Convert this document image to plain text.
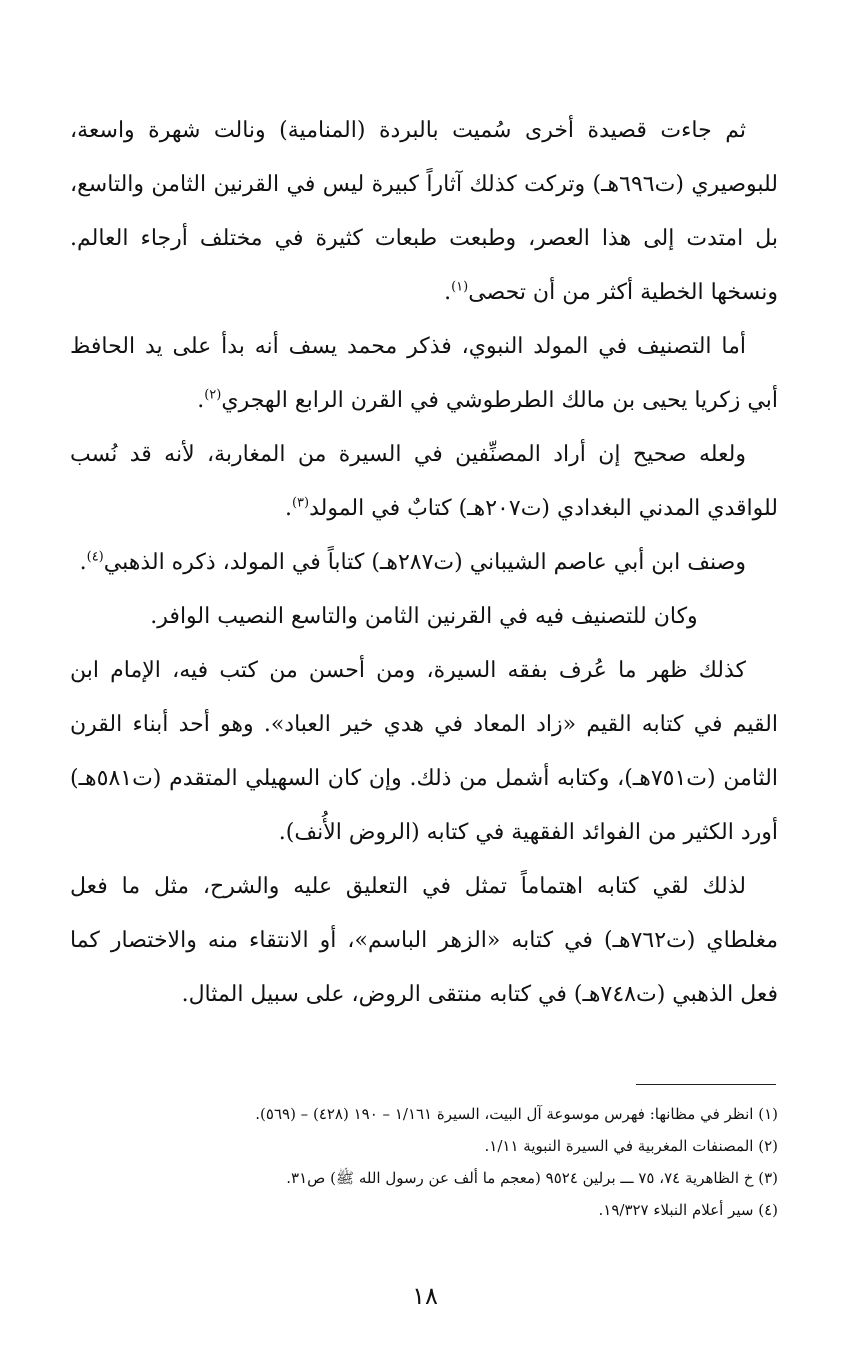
ثم جاءت قصيدة أخرى سُميت بالبردة (المنامية) ونالت شهرة واسعة، للبوصيري (ت٦٩٦هـ) وتركت كذلك آثاراً كبيرة ليس في القرنين الثامن والتاسع، بل امتدت إلى هذا العصر، وطبعت طبعات كثيرة في مختلف أرجاء العالم. ونسخها الخطية أكثر من أن تحصى$^{(١)}$.

أما التصنيف في المولد النبوي، فذكر محمد يسف أنه بدأ على يد الحافظ أبي زكريا يحيى بن مالك الطرطوشي في القرن الرابع الهجري$^{(٢)}$.

ولعله صحيح إن أراد المصنِّفين في السيرة من المغاربة، لأنه قد نُسب للواقدي المدني البغدادي (ت٢٠٧هـ) كتابٌ في المولد$^{(٣)}$.

وصنف ابن أبي عاصم الشيباني (ت٢٨٧هـ) كتاباً في المولد، ذكره الذهبي$^{(٤)}$.

وكان للتصنيف فيه في القرنين الثامن والتاسع النصيب الوافر.

كذلك ظهر ما عُرف بفقه السيرة، ومن أحسن من كتب فيه، الإمام ابن القيم في كتابه القيم «زاد المعاد في هدي خير العباد». وهو أحد أبناء القرن الثامن (ت٧٥١هـ)، وكتابه أشمل من ذلك. وإن كان السهيلي المتقدم (ت٥٨١هـ) أورد الكثير من الفوائد الفقهية في كتابه (الروض الأُنف).

لذلك لقي كتابه اهتماماً تمثل في التعليق عليه والشرح، مثل ما فعل مغلطاي (ت٧٦٢هـ) في كتابه «الزهر الباسم»، أو الانتقاء منه والاختصار كما فعل الذهبي (ت٧٤٨هـ) في كتابه منتقى الروض، على سبيل المثال.

(١) انظر في مظانها: فهرس موسوعة آل البيت، السيرة ١/١٦١ – ١٩٠ (٤٢٨) – (٥٦٩).

(٢) المصنفات المغربية في السيرة النبوية ١/١١.

(٣) خ الظاهرية ٧٤، ٧٥ ـــ برلين ٩٥٢٤ (معجم ما ألف عن رسول الله ﷺ) ص٣١.

(٤) سير أعلام النبلاء ١٩/٣٢٧.

١٨
